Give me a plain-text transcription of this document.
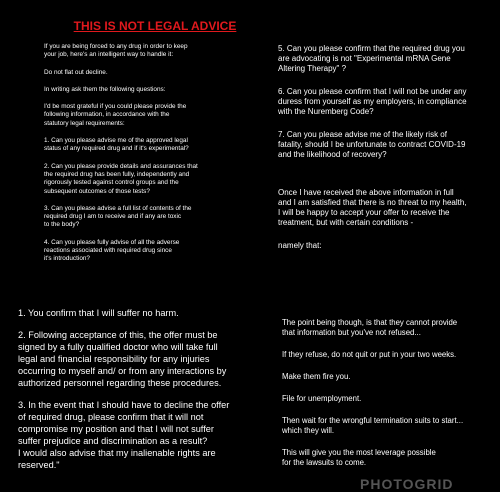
THIS IS NOT LEGAL ADVICE

If you are being forced to any drug in order to keep
your job, here's an intelligent way to handle it:

Do not flat out decline.

In writing ask them the following questions:

I'd be most grateful if you could please provide the
following information, in accordance with the
statutory legal requirements:

1. Can you please advise me of the approved legal
status of any required drug and if it's experimental?

2. Can you please provide details and assurances that
the required drug has been fully, independently and
rigorously tested against control groups and the
subsequent outcomes of those tests?

3. Can you please advise a full list of contents of the
required drug I am to receive and if any are toxic
to the body?

4. Can you please fully advise of all the adverse
reactions associated with required drug since
it's introduction?

5. Can you please confirm that the required drug you
are advocating is not "Experimental mRNA Gene
Altering Therapy" ?

6. Can you please confirm that I will not be under any
duress from yourself as my employers, in compliance
with the Nuremberg Code?

7. Can you please advise me of the likely risk of
fatality, should I be unfortunate to contract COVID-19
and the likelihood of recovery?

Once I have received the above information in full
and I am satisfied that there is no threat to my health,
I will be happy to accept your offer to receive the
treatment, but with certain conditions -

namely that:

1. You confirm that I will suffer no harm.

2. Following acceptance of this, the offer must be
signed by a fully qualified doctor who will take full
legal and financial responsibility for any injuries
occurring to myself and/ or from any interactions by
authorized personnel regarding these procedures.

3. In the event that I should have to decline the offer
of required drug, please confirm that it will not
compromise my position and that I will not suffer
suffer prejudice and discrimination as a result?
I would also advise that my inalienable rights are
reserved."

The point being though, is that they cannot provide
that information but you've not refused...

If they refuse, do not quit or put in your two weeks.

Make them fire you.

File for unemployment.

Then wait for the wrongful termination suits to start...
which they will.

This will give you the most leverage possible
for the lawsuits to come.

PHOTOGRID
